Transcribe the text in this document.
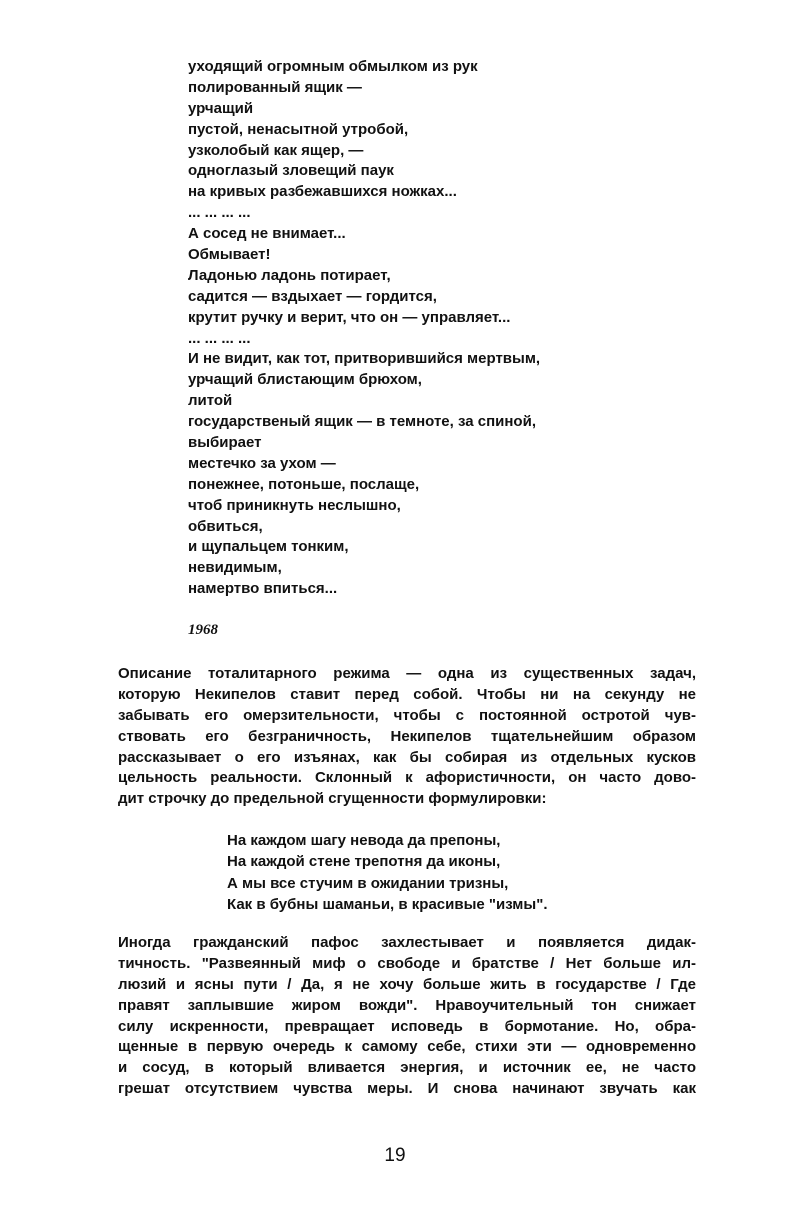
уходящий огромным обмылком из рук
полированный ящик —
урчащий
пустой, ненасытной утробой,
узколобый как ящер, —
одноглазый зловещий паук
на кривых разбежавшихся ножках...
... ... ... ...
А сосед не внимает...
Обмывает!
Ладонью ладонь потирает,
садится — вздыхает — гордится,
крутит ручку и верит, что он — управляет...
... ... ... ...
И не видит, как тот, притворившийся мертвым,
урчащий блистающим брюхом,
литой
государственый ящик — в темноте, за спиной,
выбирает
местечко за ухом —
понежнее, потоньше, послаще,
чтоб приникнуть неслышно,
обвиться,
и щупальцем тонким,
невидимым,
намертво впиться...
1968
Описание тоталитарного режима — одна из существенных задач,
которую Некипелов ставит перед собой. Чтобы ни на секунду не
забывать его омерзительности, чтобы с постоянной остротой чув-
ствовать его безграничность, Некипелов тщательнейшим образом
рассказывает о его изъянах, как бы собирая из отдельных кусков
цельность реальности. Склонный к афористичности, он часто дово-
дит строчку до предельной сгущенности формулировки:
На каждом шагу невода да препоны,
На каждой стене трепотня да иконы,
А мы все стучим в ожидании тризны,
Как в бубны шаманьи, в красивые "измы".
Иногда гражданский пафос захлестывает и появляется дидак-
тичность. "Развеянный миф о свободе и братстве / Нет больше ил-
люзий и ясны пути / Да, я не хочу больше жить в государстве / Где
правят заплывшие жиром вожди". Нравоучительный тон снижает
силу искренности, превращает исповедь в бормотание. Но, обра-
щенные в первую очередь к самому себе, стихи эти — одновременно
и сосуд, в который вливается энергия, и источник ее, не часто
грешат отсутствием чувства меры. И снова начинают звучать как
19
